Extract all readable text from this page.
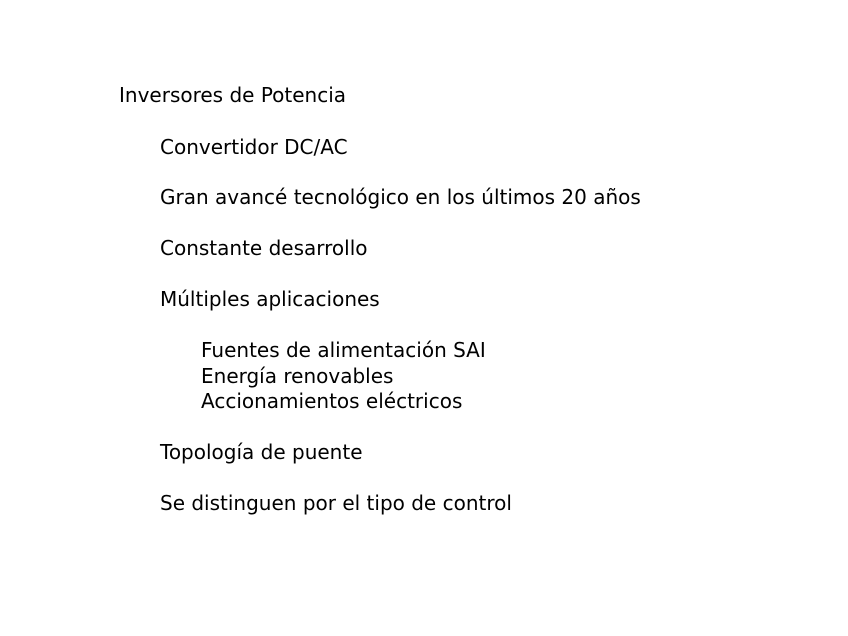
Inversores de Potencia
Convertidor DC/AC
Gran avancé tecnológico en los últimos 20 años
Constante desarrollo
Múltiples aplicaciones
Fuentes de alimentación SAI
Energía renovables
Accionamientos eléctricos
Topología de puente
Se distinguen por el tipo de control
